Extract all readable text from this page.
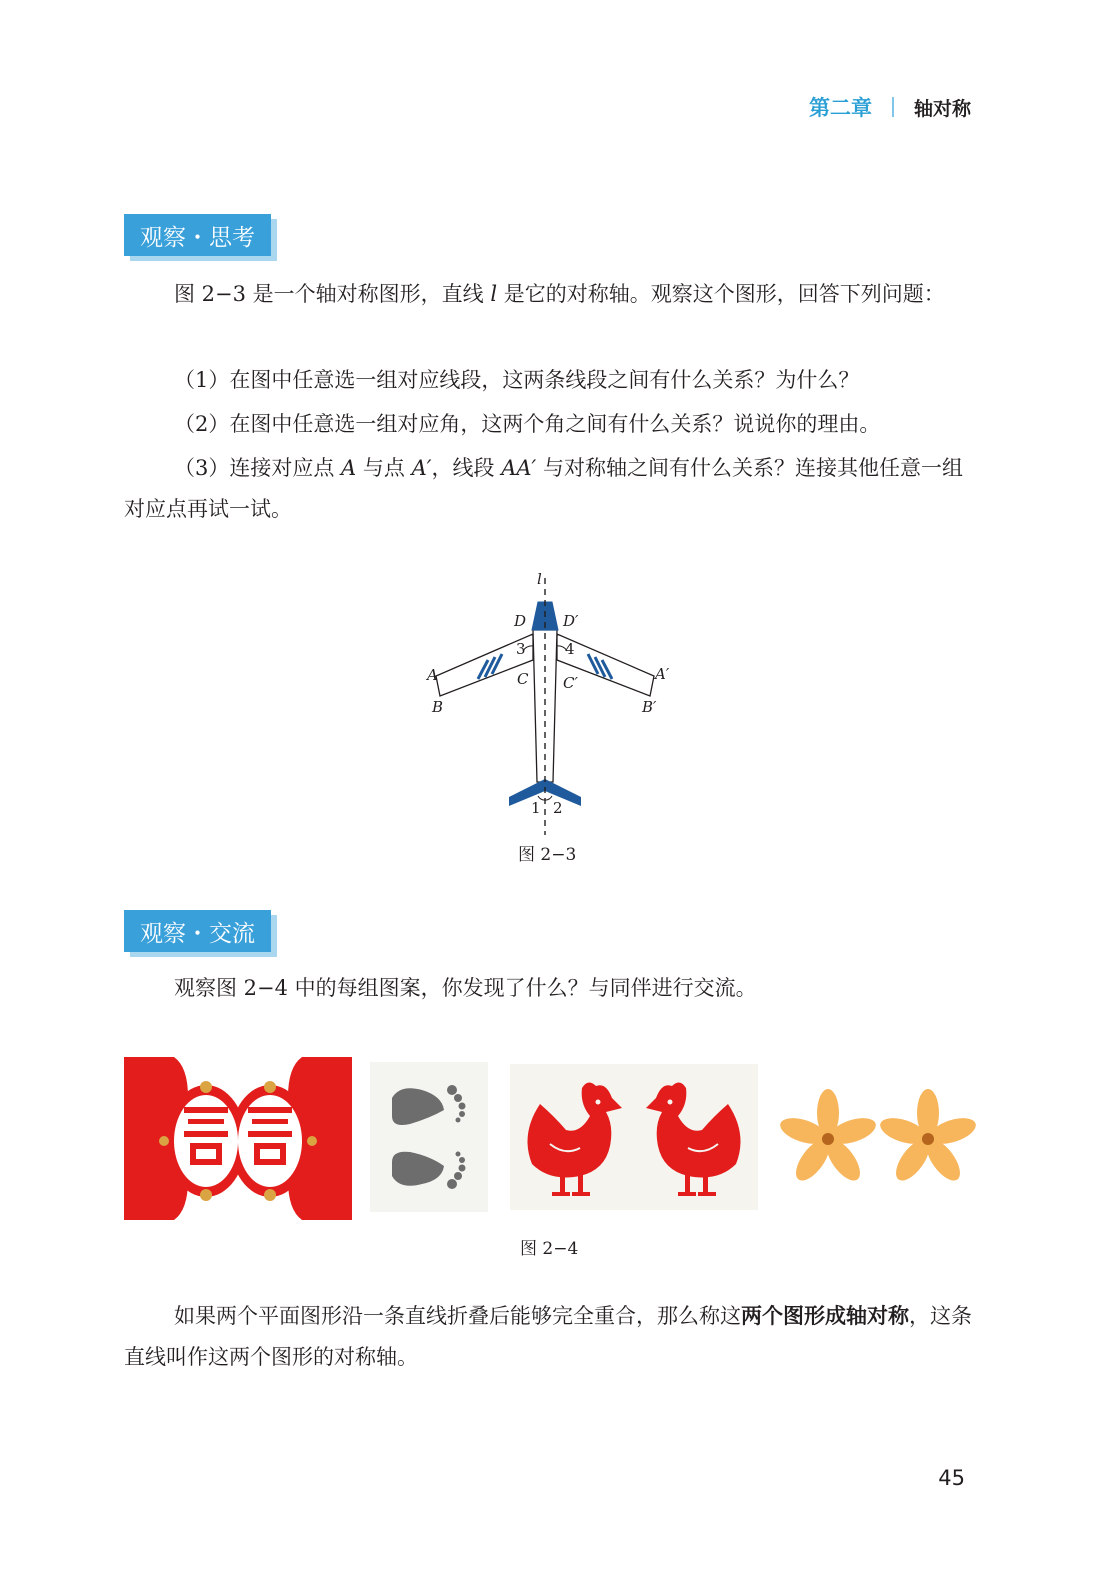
第二章 轴对称
观察・思考

图 2−3 是一个轴对称图形，直线 l 是它的对称轴。观察这个图形，回答下列问题：

（1）在图中任意选一组对应线段，这两条线段之间有什么关系？为什么？

（2）在图中任意选一组对应角，这两个角之间有什么关系？说说你的理由。

（3）连接对应点 A 与点 A′，线段 AA′ 与对称轴之间有什么关系？连接其他任意一组对应点再试一试。

l
D D′
3	4
A	A′
C C′
B	B′
1 2
图 2−3
观察・交流

观察图 2−4 中的每组图案，你发现了什么？与同伴进行交流。

图 2−4

如果两个平面图形沿一条直线折叠后能够完全重合，那么称这两个图形成轴对称，这条直线叫作这两个图形的对称轴。

45
